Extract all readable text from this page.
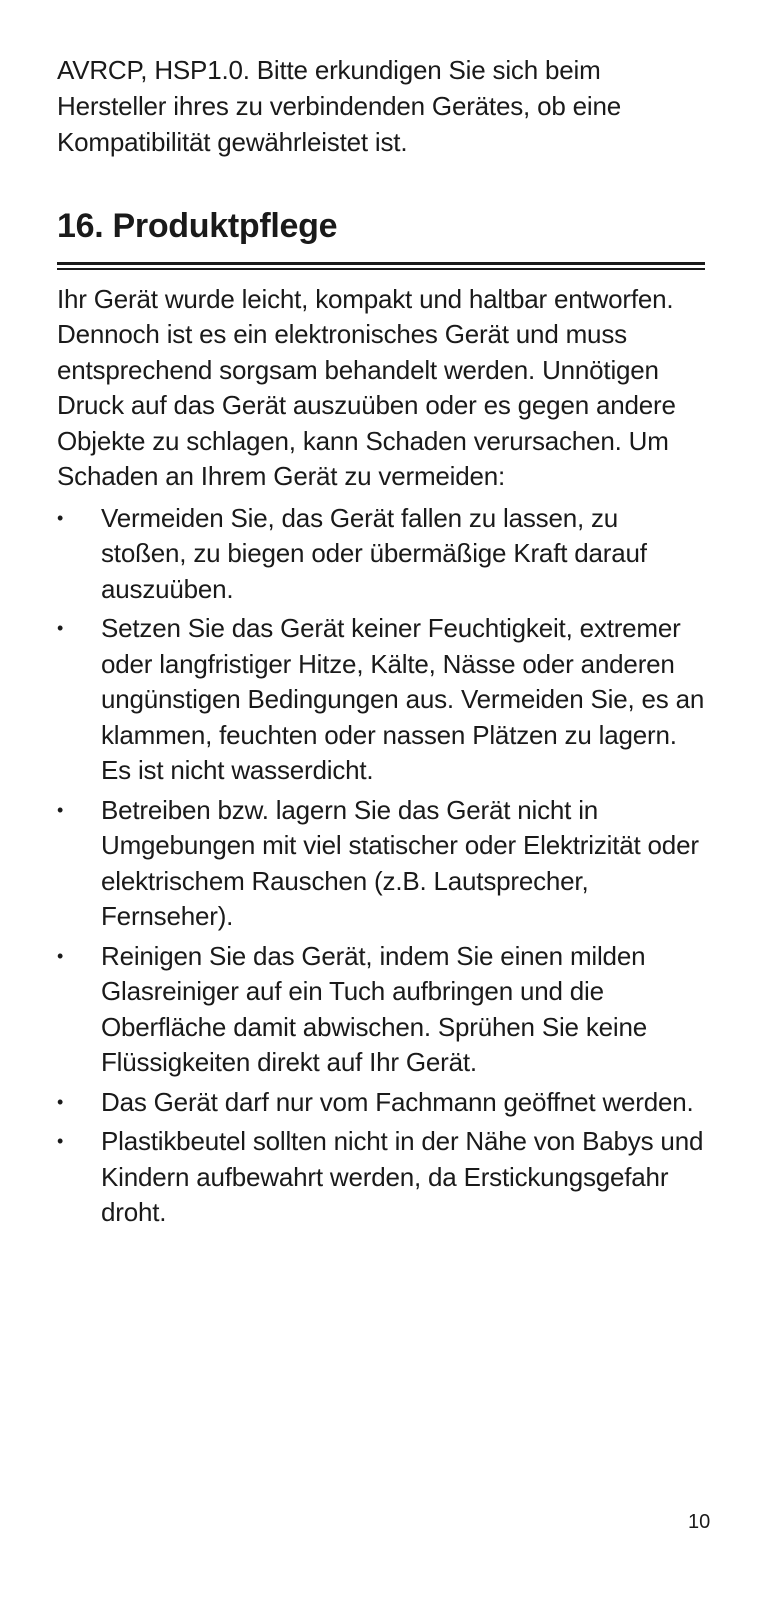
AVRCP, HSP1.0. Bitte erkundigen Sie sich beim Hersteller ihres zu verbindenden Gerätes, ob eine Kompatibilität gewährleistet ist.

16. Produktpflege

Ihr Gerät wurde leicht, kompakt und haltbar entworfen. Dennoch ist es ein elektronisches Gerät und muss entsprechend sorgsam behandelt werden. Unnötigen Druck auf das Gerät auszuüben oder es gegen andere Objekte zu schlagen, kann Schaden verursachen. Um Schaden an Ihrem Gerät zu vermeiden:

• Vermeiden Sie, das Gerät fallen zu lassen, zu stoßen, zu biegen oder übermäßige Kraft darauf auszuüben.
• Setzen Sie das Gerät keiner Feuchtigkeit, extremer oder langfristiger Hitze, Kälte, Nässe oder anderen ungünstigen Bedingungen aus. Vermeiden Sie, es an klammen, feuchten oder nassen Plätzen zu lagern. Es ist nicht wasserdicht.
• Betreiben bzw. lagern Sie das Gerät nicht in Umgebungen mit viel statischer oder Elektrizität oder elektrischem Rauschen (z.B. Lautsprecher, Fernseher).
• Reinigen Sie das Gerät, indem Sie einen milden Glasreiniger auf ein Tuch aufbringen und die Oberfläche damit abwischen. Sprühen Sie keine Flüssigkeiten direkt auf Ihr Gerät.
• Das Gerät darf nur vom Fachmann geöffnet werden.
• Plastikbeutel sollten nicht in der Nähe von Babys und Kindern aufbewahrt werden, da Erstickungsgefahr droht.
10
